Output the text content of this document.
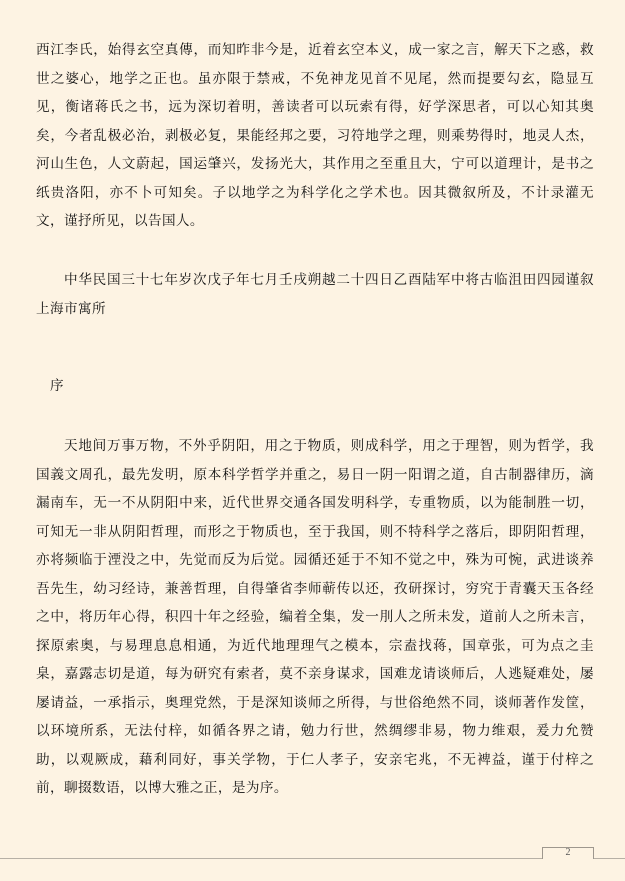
西江李氏，始得玄空真傳，而知昨非今是，近着玄空本义，成一家之言，解天下之惑，救世之婆心，地学之正也。虽亦限于禁戒，不免神龙见首不见尾，然而提要勾玄，隐显互见，衡诸蒋氏之书，远为深切着明，善读者可以玩索有得，好学深思者，可以心知其奥矣，今者乱极必治，剥极必复，果能经邦之要，习符地学之理，则乘势得时，地灵人杰，河山生色，人文蔚起，国运肇兴，发扬光大，其作用之至重且大，宁可以道理计，是书之纸贵洛阳，亦不卜可知矣。子以地学之为科学化之学术也。因其微叙所及，不计录灌无文，谨抒所见，以告国人。

中华民国三十七年岁次戊子年七月壬戌朔越二十四日乙酉陆军中将古临沮田四园谨叙上海市寓所

序

天地间万事万物，不外乎阴阳，用之于物质，则成科学，用之于理智，则为哲学，我国義文周孔，最先发明，原本科学哲学并重之，易日一阴一阳谓之道，自古制器律历，滴漏南车，无一不从阴阳中来，近代世界交通各国发明科学，专重物质，以为能制胜一切，可知无一非从阴阳哲理，而形之于物质也，至于我国，则不特科学之落后，即阴阳哲理，亦将频临于湮没之中，先觉而反为后觉。园循还延于不知不觉之中，殊为可惋，武进谈养吾先生，幼习经诗，兼善哲理，自得肇省李师蕲传以还，孜研探讨，穷究于青囊天玉各经之中，将历年心得，积四十年之经验，编着全集，发一刖人之所未发，道前人之所未言，探原索奥，与易理息息相通，为近代地理理气之模本，宗盍找蒋，国章张，可为点之圭臬，嘉露志切是道，每为研究有索者，莫不亲身谋求，国难龙请谈师后，人逃疑难处，屡屡请益，一承指示，奥理党然，于是深知谈师之所得，与世俗绝然不同，谈师著作发筐，以环境所系，无法付梓，如循各界之请，勉力行世，然绸缪非易，物力维艰，爰力允赞助，以观厥成，藉利同好，事关学物，于仁人孝子，安亲宅兆，不无裨益，谨于付梓之前，聊掇数语，以博大雅之正，是为序。

2
